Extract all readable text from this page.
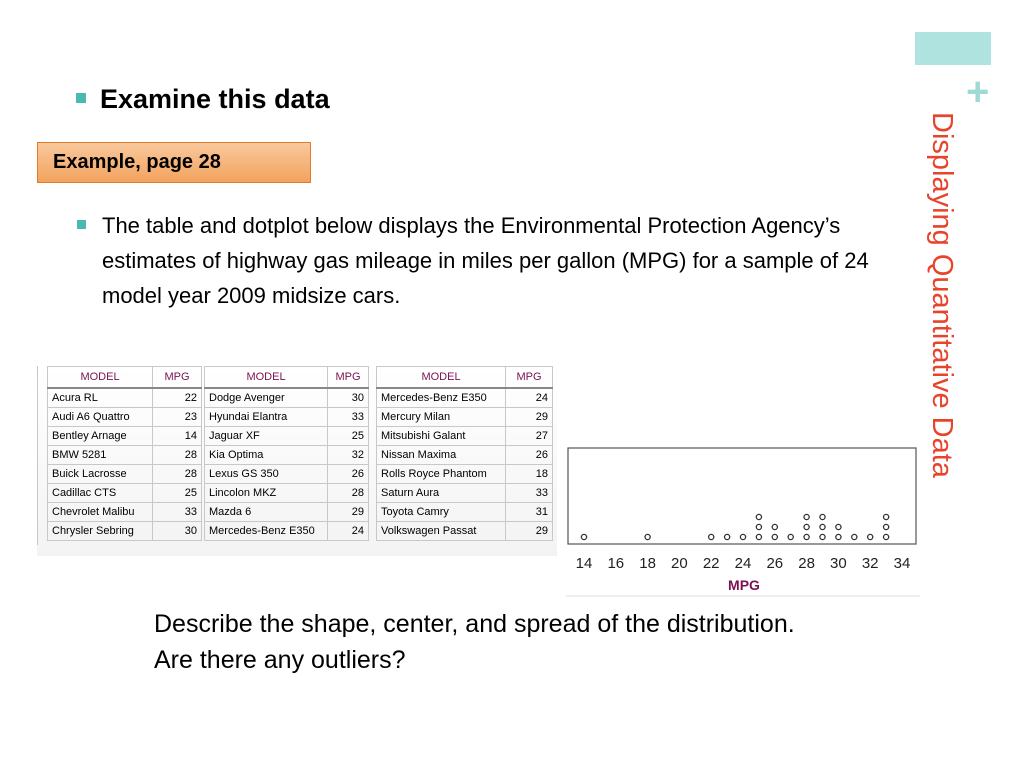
+
Displaying Quantitative Data
Examine this data
Example, page 28
The table and dotplot below displays the Environmental Protection Agency’s estimates of highway gas mileage in miles per gallon (MPG) for a sample of 24 model year 2009 midsize cars.
MODEL	MPG
Acura RL	22
Audi A6 Quattro	23
Bentley Arnage	14
BMW 5281	28
Buick Lacrosse	28
Cadillac CTS	25
Chevrolet Malibu	33
Chrysler Sebring	30
MODEL	MPG
Dodge Avenger	30
Hyundai Elantra	33
Jaguar XF	25
Kia Optima	32
Lexus GS 350	26
Lincolon MKZ	28
Mazda 6	29
Mercedes-Benz E350	24
MODEL	MPG
Mercedes-Benz E350	24
Mercury Milan	29
Mitsubishi Galant	27
Nissan Maxima	26
Rolls Royce Phantom	18
Saturn Aura	33
Toyota Camry	31
Volkswagen Passat	29
14 16 18 20 22 24 26 28 30 32 34
MPG
Describe the shape, center, and spread of the distribution. Are there any outliers?
